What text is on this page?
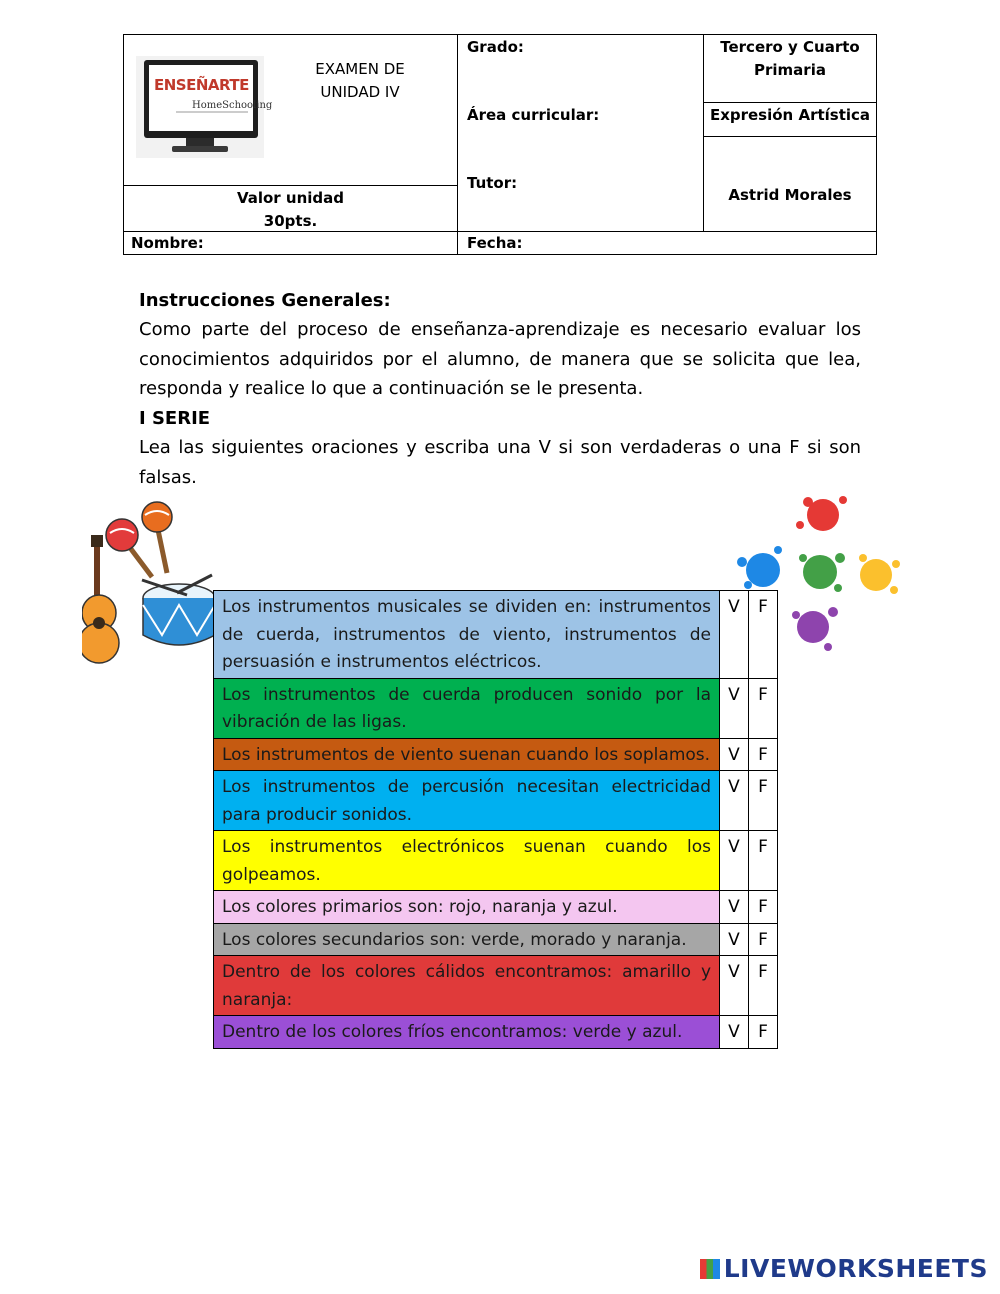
ENSEÑARTE
HomeSchooling
EXAMEN DE
UNIDAD IV
Grado:	Tercero y Cuarto
Primaria
Área curricular:	Expresión Artística
Tutor:
Astrid Morales
Valor unidad
30pts.
Nombre:	Fecha:
Instrucciones Generales:
Como parte del proceso de enseñanza-aprendizaje es necesario evaluar los conocimientos adquiridos por el alumno, de manera que se solicita que lea, responda y realice lo que a continuación se le presenta.
I SERIE
Lea las siguientes oraciones y escriba una V si son verdaderas o una F si son falsas.
Los instrumentos musicales se dividen en: instrumentos de cuerda, instrumentos de viento, instrumentos de persuasión e instrumentos eléctricos.	V	F
Los instrumentos de cuerda producen sonido por la vibración de las ligas.	V	F
Los instrumentos de viento suenan cuando los soplamos.	V	F
Los instrumentos de percusión necesitan electricidad para producir sonidos.	V	F
Los instrumentos electrónicos suenan cuando los golpeamos.	V	F
Los colores primarios son: rojo, naranja y azul.	V	F
Los colores secundarios son: verde, morado y naranja.	V	F
Dentro de los colores cálidos encontramos: amarillo y naranja:	V	F
Dentro de los colores fríos encontramos: verde y azul.	V	F
LIVEWORKSHEETS
